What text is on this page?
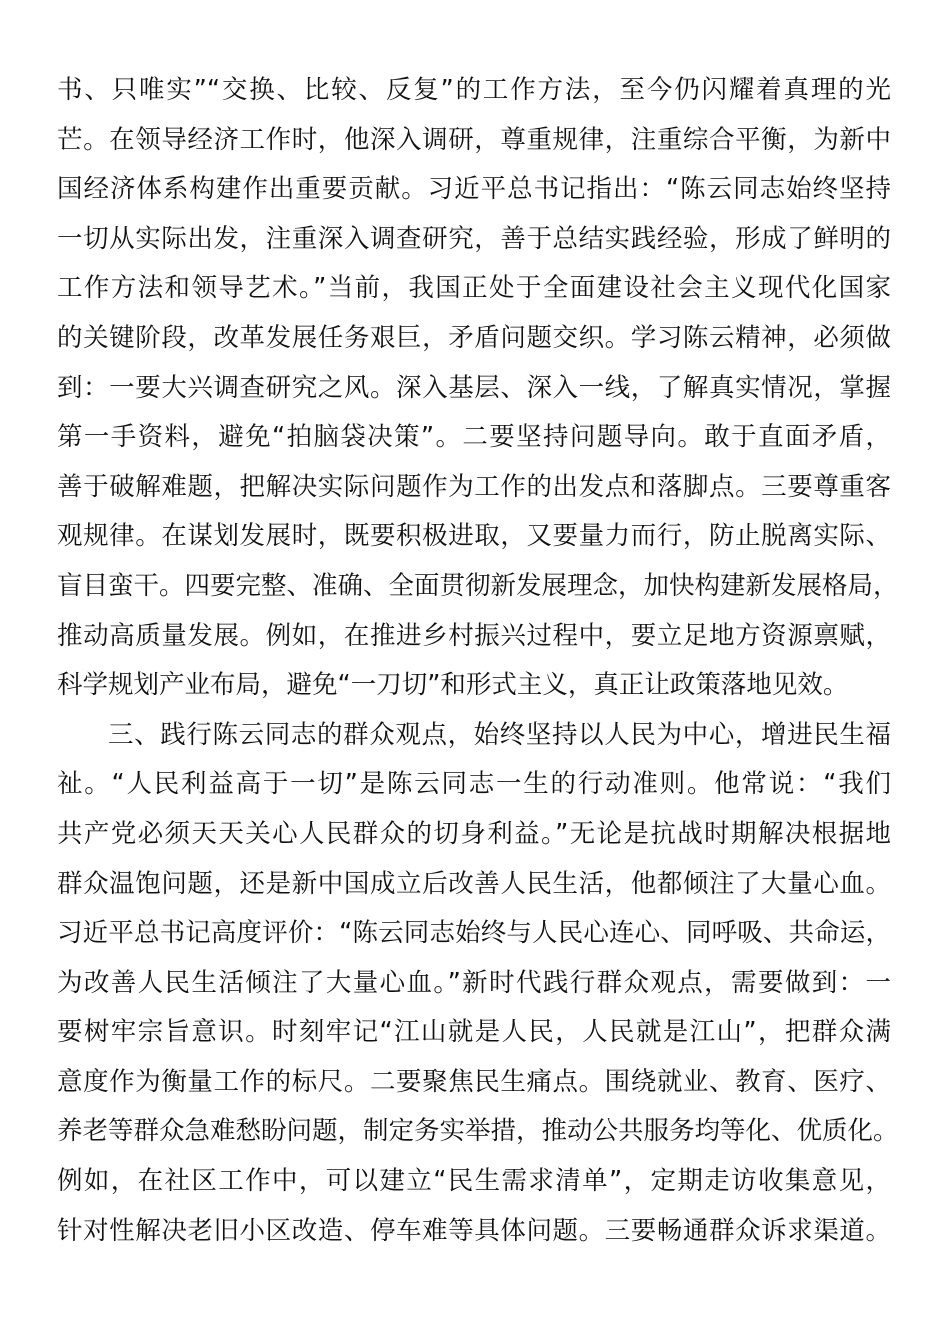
书、只唯实”“交换、比较、反复”的工作方法，至今仍闪耀着真理的光
芒。在领导经济工作时，他深入调研，尊重规律，注重综合平衡，为新中
国经济体系构建作出重要贡献。习近平总书记指出：“陈云同志始终坚持
一切从实际出发，注重深入调查研究，善于总结实践经验，形成了鲜明的
工作方法和领导艺术。”当前，我国正处于全面建设社会主义现代化国家
的关键阶段，改革发展任务艰巨，矛盾问题交织。学习陈云精神，必须做
到：一要大兴调查研究之风。深入基层、深入一线，了解真实情况，掌握
第一手资料，避免“拍脑袋决策”。二要坚持问题导向。敢于直面矛盾，
善于破解难题，把解决实际问题作为工作的出发点和落脚点。三要尊重客
观规律。在谋划发展时，既要积极进取，又要量力而行，防止脱离实际、
盲目蛮干。四要完整、准确、全面贯彻新发展理念，加快构建新发展格局，
推动高质量发展。例如，在推进乡村振兴过程中，要立足地方资源禀赋，
科学规划产业布局，避免“一刀切”和形式主义，真正让政策落地见效。
三、践行陈云同志的群众观点，始终坚持以人民为中心，增进民生福
祉。“人民利益高于一切”是陈云同志一生的行动准则。他常说：“我们
共产党必须天天关心人民群众的切身利益。”无论是抗战时期解决根据地
群众温饱问题，还是新中国成立后改善人民生活，他都倾注了大量心血。
习近平总书记高度评价：“陈云同志始终与人民心连心、同呼吸、共命运，
为改善人民生活倾注了大量心血。”新时代践行群众观点，需要做到：一
要树牢宗旨意识。时刻牢记“江山就是人民，人民就是江山”，把群众满
意度作为衡量工作的标尺。二要聚焦民生痛点。围绕就业、教育、医疗、
养老等群众急难愁盼问题，制定务实举措，推动公共服务均等化、优质化。
例如，在社区工作中，可以建立“民生需求清单”，定期走访收集意见，
针对性解决老旧小区改造、停车难等具体问题。三要畅通群众诉求渠道。
